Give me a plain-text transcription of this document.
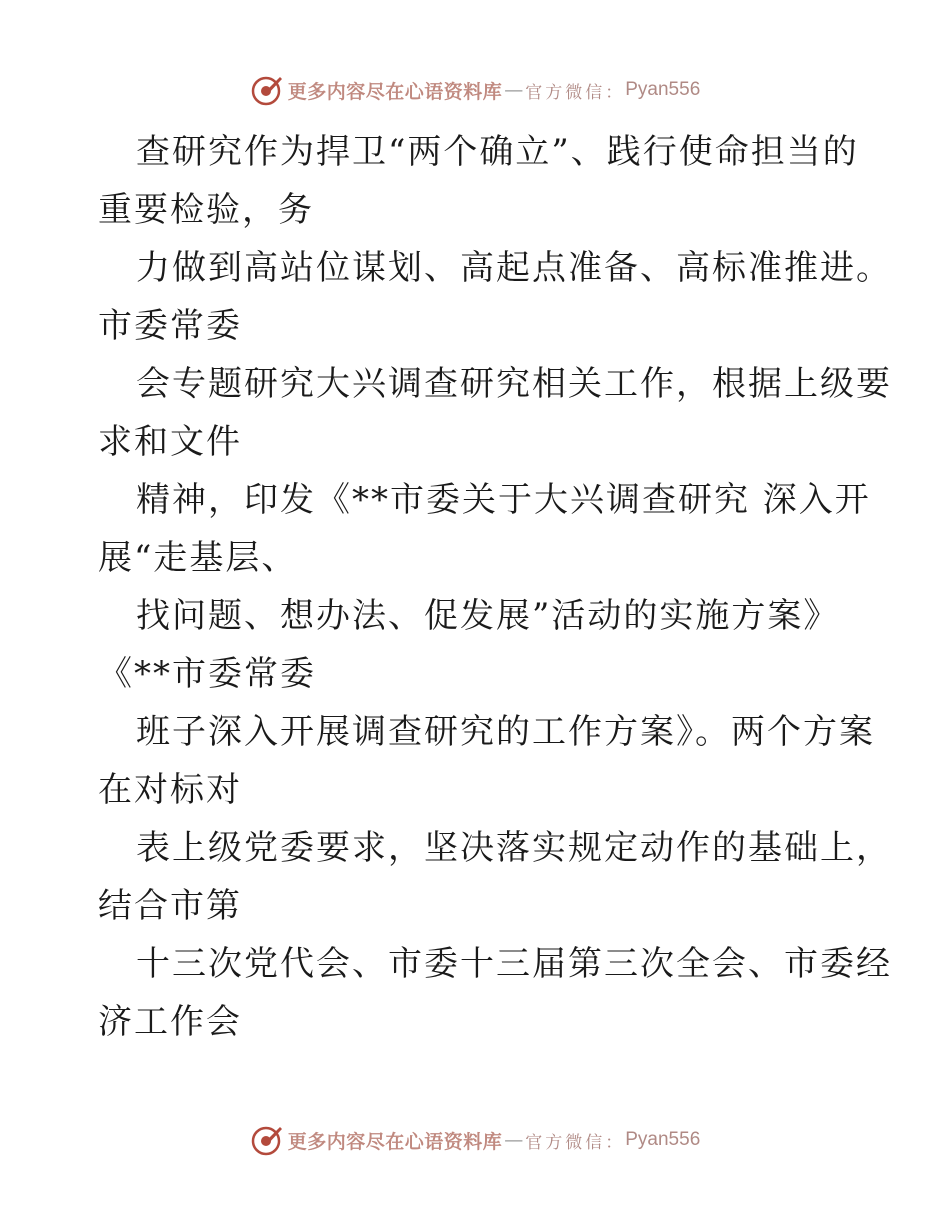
更多内容尽在心语资料库 — 官方微信： Pyan556
查研究作为捍卫“两个确立”、践行使命担当的
重要检验，务
力做到高站位谋划、高起点准备、高标准推进。
市委常委
会专题研究大兴调查研究相关工作，根据上级要
求和文件
精神，印发《**市委关于大兴调查研究 深入开
展“走基层、
找问题、想办法、促发展”活动的实施方案》
《**市委常委
班子深入开展调查研究的工作方案》。两个方案
在对标对
表上级党委要求，坚决落实规定动作的基础上，
结合市第
十三次党代会、市委十三届第三次全会、市委经
济工作会
更多内容尽在心语资料库 — 官方微信： Pyan556
